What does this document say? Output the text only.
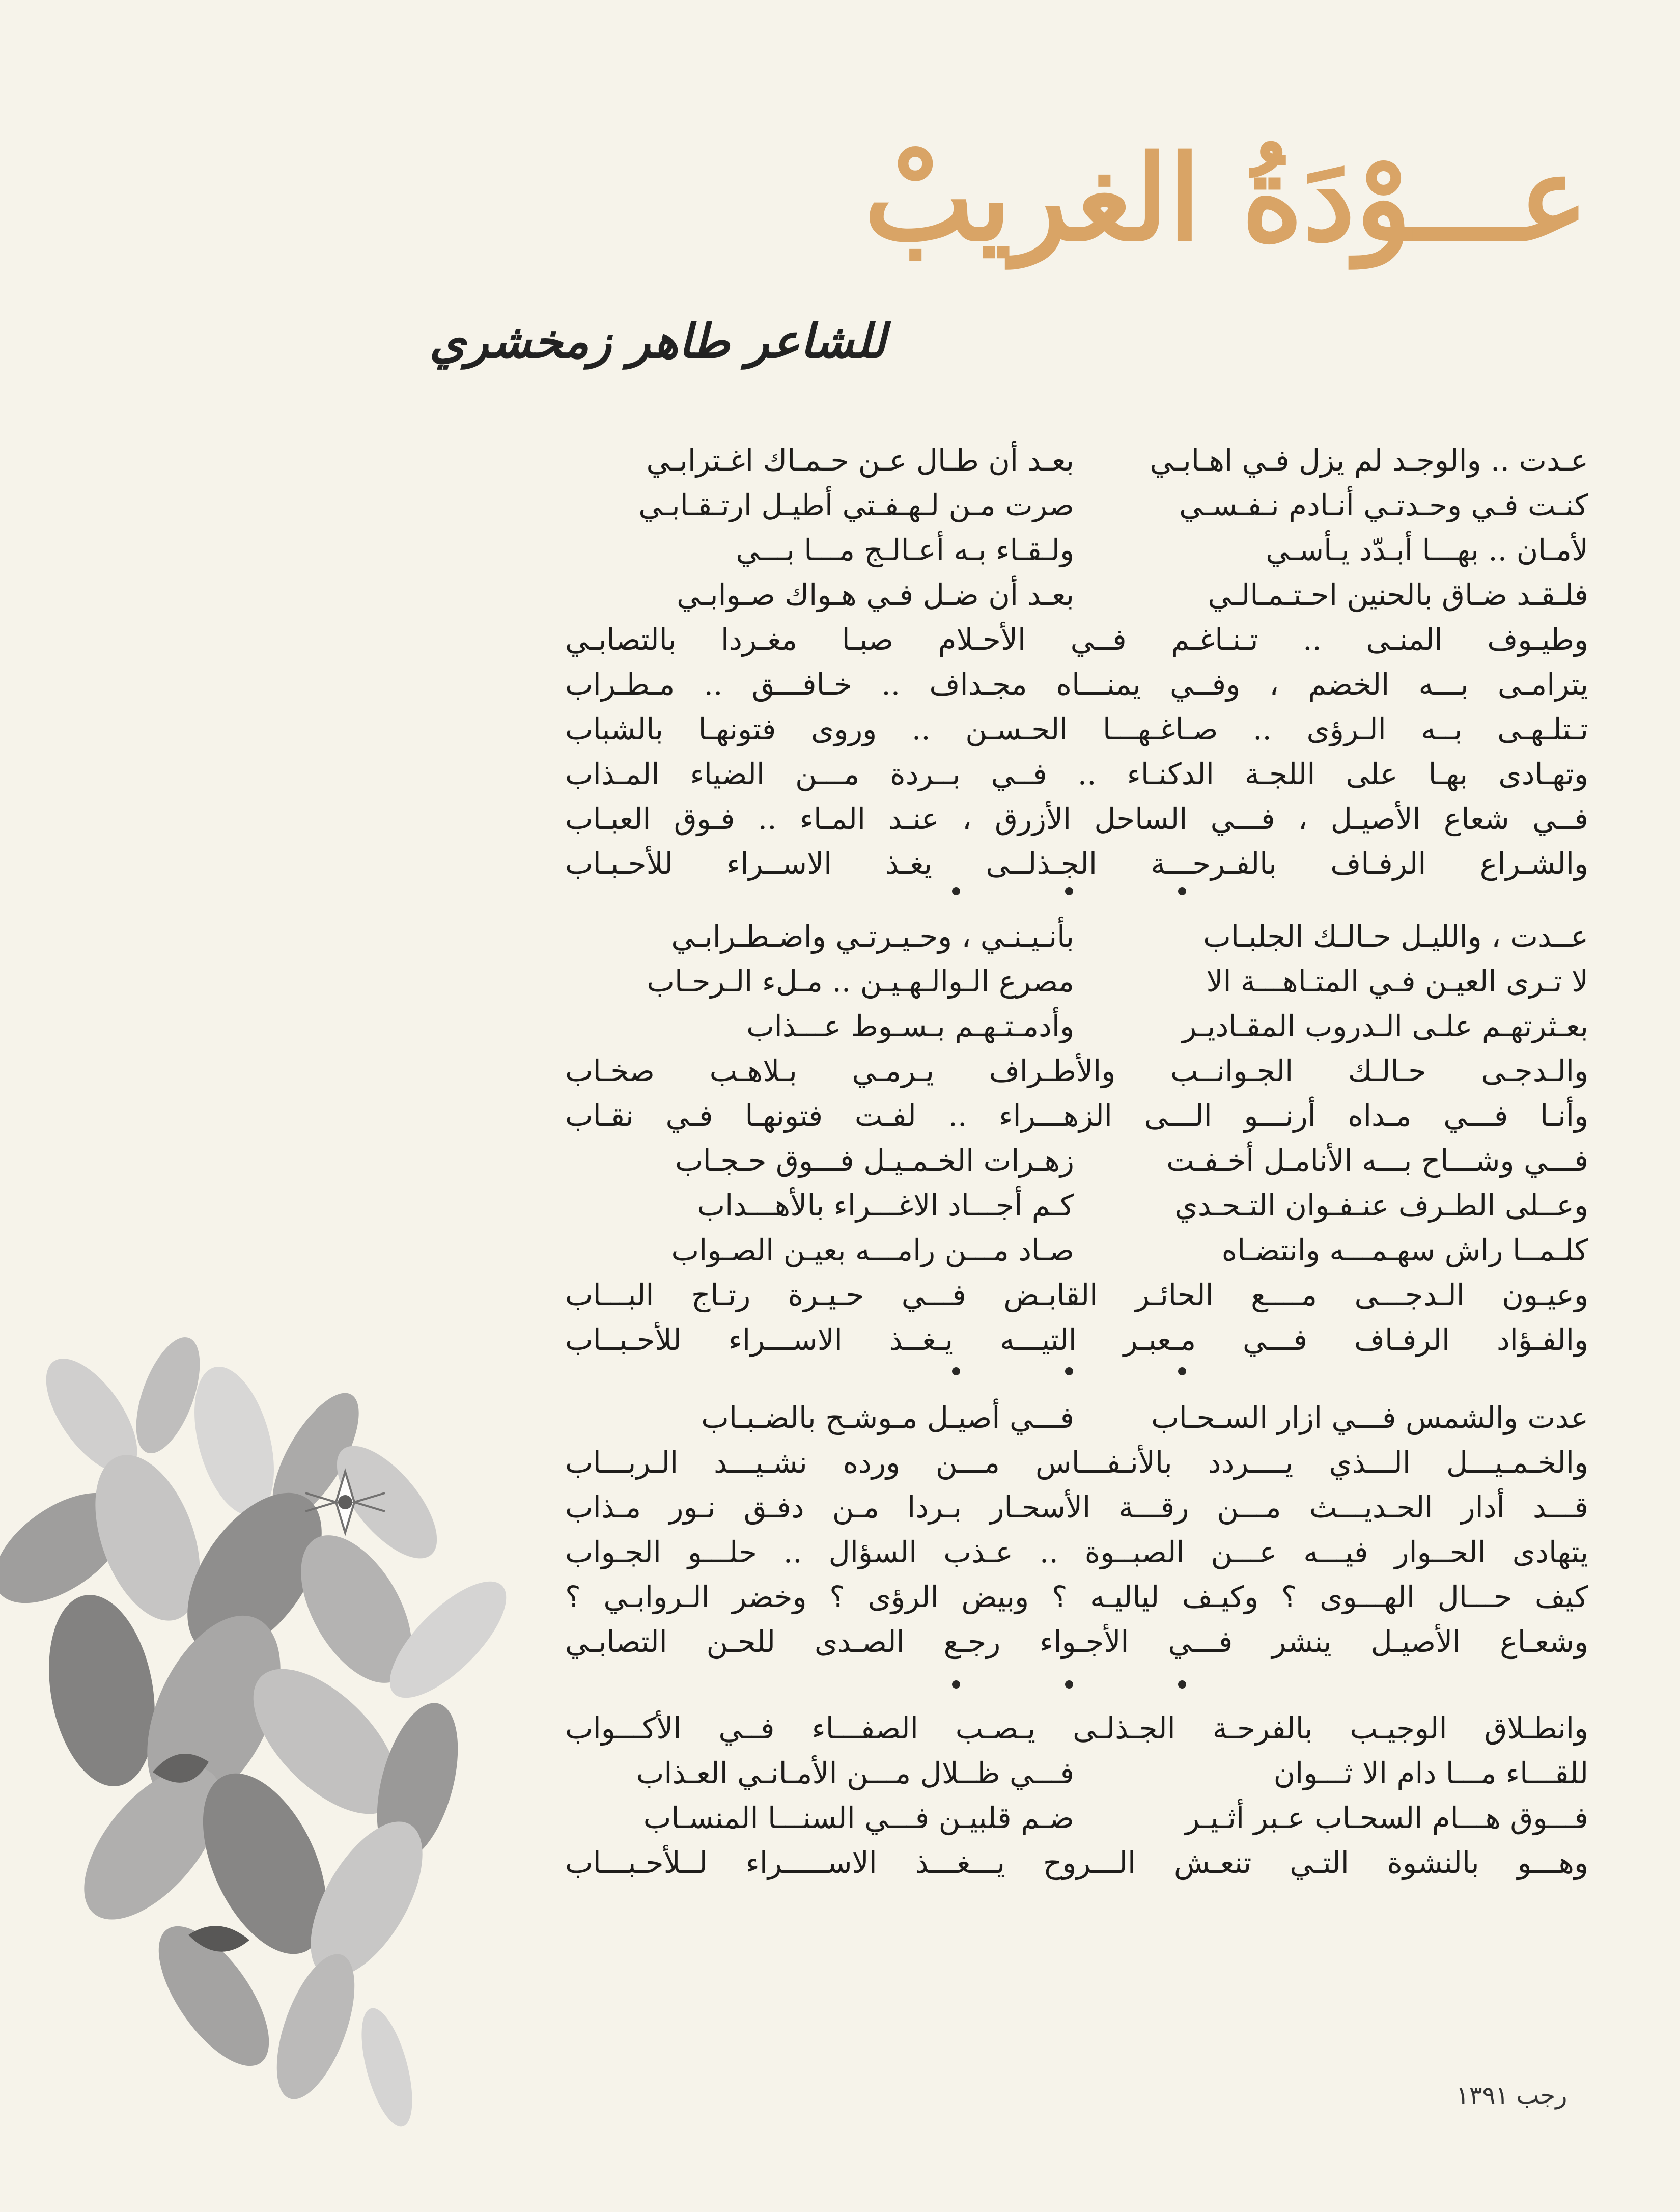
عـــوْدَةُ الغريبْ
للشاعر طاهر زمخشري
عـدت .. والوجـد لم يزل فـي اهـابـي
بعـد أن طـال عـن حـمـاك اغـترابـي
كنـت فـي وحـدتـي أنـادم نـفـسـي
صرت مـن لـهـفـتي أطيـل ارتـقـابـي
لأمـان .. بهـــا أبـدّد يـأسـي
ولـقـاء بـه أعـالـج مـــا بـــي
فلـقـد ضـاق بالحنين احـتـمـالـي
بعـد أن ضـل فـي هـواك صـوابـي
وطيـوف المنـى .. تـنـاغـم فــي الأحـلام صبـا مغـردا بالتصابـي
يترامـى بـــه الخضم ، وفــي يمنـــاه مجـداف .. خـافـــق .. مـطـراب
تـتلـهـى بــه الـرؤى .. صـاغـهـــا الحـسـن .. وروى فتونهـا بالشباب
وتهـادى بهـا على اللجـة الدكنـاء .. فــي بــردة مـــن الضياء المـذاب
فــي شعاع الأصيـل ، فـــي الساحل الأزرق ، عنـد المـاء .. فـوق العبـاب
والشـراع الرفـاف بالفـرحـــة الجـذلــى يغـذ الاســراء للأحـبـاب
عــدت ، والليـل حـالـك الجلبـاب
بأنـيـنـي ، وحـيـرتـي واضـطـرابـي
لا تـرى العيـن فـي المتـاهـــة الا
مصرع الـوالـهـيـن .. مـلء الـرحـاب
بعـثرتهـم علـى الـدروب المقـاديـر
وأدمـتـهـم بـسـوط عـــذاب
والـدجـى حـالـك الجـوانــب والأطـراف يـرمـي بـلاهـب صخـاب
وأنـا فـــي مـداه أرنـــو الـــى الزهـــراء .. لفـت فتونهـا فـي نقـاب
فـــي وشـــاح بـــه الأنامـل أخـفـت
زهـرات الخـمـيـل فـــوق حـجـاب
وعــلى الطـرف عنـفـوان التـحـدي
كـم أجـــاد الاغـــراء بالأهـــداب
كلـمــا راش سهـمـــه وانتضـاه
صـاد مـــن رامـــه بعيـن الصـواب
وعيـون الـدجـــى مــــع الحائـر القابـض فـــي حـيـرة رتـاج البـــاب
والفـؤاد الرفـاف فـــي مـعبـر التيـــه يـغــذ الاســـراء للأحـبــاب
عدت والشمس فـــي ازار السـحـاب
فـــي أصيـل مـوشـح بالضـبـاب
والخـمـيـــل الـــذي يــــردد بالأنـفـــاس مـــن ورده نشـيـــد الـربـــاب
قـــد أدار الحـديـــث مـــن رقـــة الأسحـار بـردا مـن دفـق نـور مـذاب
يتهادى الحــوار فيـــه عـــن الصبــوة .. عـذب السؤال .. حلـــو الجـواب
كيف حـــال الهـــوى ؟ وكيـف لياليـه ؟ وبيض الرؤى ؟ وخضر الـروابـي ؟
وشعـاع الأصيـل ينشر فـــي الأجـواء رجـع الصـدى للحـن التصابـي
وانطـلاق الوجيـب بالفرحـة الجـذلـى يـصـب الصفـــاء فــي الأكـــواب
للقـــاء مـــا دام الا ثـــوان
فـــي ظــلال مـــن الأمـانـي العـذاب
فـــوق هـــام السحـاب عـبر أثـيـر
ضـم قلبيـن فـــي السنـــا المنسـاب
وهـــو بالنشوة التـي تنعـش الـــروح يـــغـــذ الاســـــراء لــلأحـبـــاب
رجب ١٣٩١
